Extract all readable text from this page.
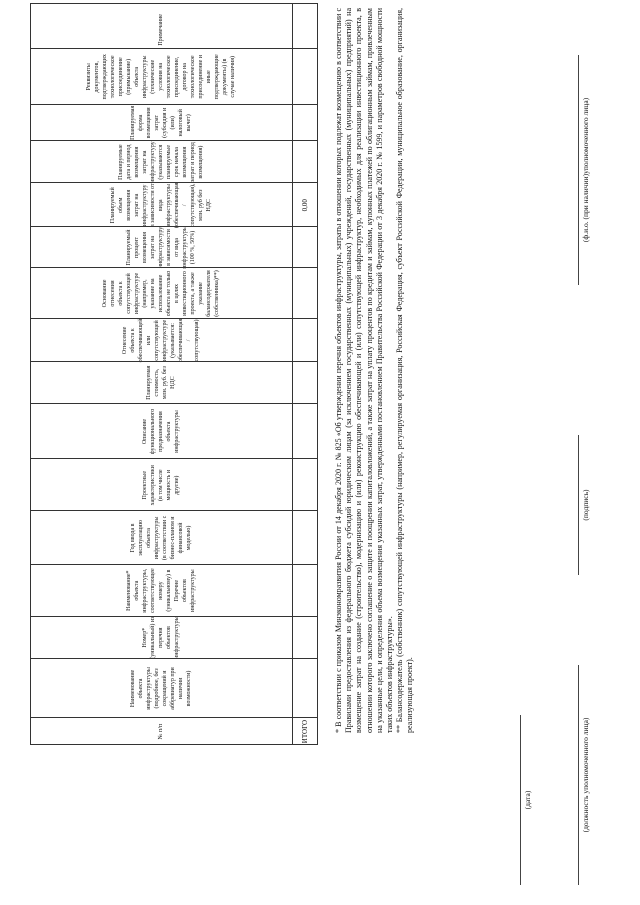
№ п/п
Наименование объекта инфраструктуры (подробное, без сокращений и аббревиатур при наличии возможности)
Номер* (уникальный) из перечня объектов инфраструктуры
Наименование* объекта инфраструктуры, соответствующее номеру (уникальному) в Перечне объектов инфраструктуры
Год ввода в эксплуатацию объекта инфраструктуры (в соответствии с бизнес-планом и финансовой моделью)
Проектные характеристики (в том числе мощность и другие)
Описание функционального предназначения объекта инфраструктуры
Планируемая стоимость, млн. руб. без НДС
Отнесение объекта к обеспечивающей или сопутствующей инфраструктуре (указывается: обеспечивающая / сопутствующая)
Основание отнесения объекта к сопутствующей инфраструктуре (например, указание на использование объекта не только в целях инвестиционного проекта, а также указание балансодержателя (собственника)**)
Планируемый процент возмещения затрат на инфраструктуру в зависимости от вида инфраструктуры (100 %, 50%)
Планируемый объем возмещения затрат на инфраструктуру в зависимости от вида инфраструктуры (обеспечивающая / сопутствующая), млн. руб без НДС
Планируемые дата и период возмещения затрат на инфраструктуру (указываются планируемые срок начала возмещения затрат и период возмещения)
Планируемая форма возмещения затрат (субсидия и (или) налоговый вычет)
Реквизиты документов, подтверждающих технологическое присоединение (примыкание) объекта инфраструктуры (технические условия на технологическое присоединение, договор на технологическое присоединение и иные подтверждающие документы) (в случае наличия)
Примечание
ИТОГО
0,00	* В соответствии с приказом Минэкономразвития России от 14 декабря 2020 г. № 825 «Об утверждении перечня объектов инфраструктуры, затраты в отношении которых подлежат возмещению в соответствии с Правилами предоставления из федерального бюджета субсидий юридическим лицам (за исключением государственных (муниципальных) учреждений, государственных (муниципальных) предприятий) на возмещение затрат на создание (строительство), модернизацию и (или) реконструкцию обеспечивающей и (или) сопутствующей инфраструктур, необходимых для реализации инвестиционного проекта, в отношении которого заключено соглашение о защите и поощрении капиталовложений, а также затрат на уплату процентов по кредитам и займам, купонных платежей по облигационным займам, привлеченным на указанные цели, и определения объема возмещения указанных затрат, утвержденными постановлением Правительства Российской Федерации от 3 декабря 2020 г. № 1599, и параметров свободной мощности таких объектов инфраструктуры». ** Балансодержатель (собственник) сопутствующей инфраструктуры (например, регулируемая организация, Российская Федерация, субъект Российской Федерации, муниципальное образование, организация, реализующая проект).

(дата)	(должность уполномоченного лица)
(подпись)
(ф.и.о. (при наличии)уполномоченного лица)
